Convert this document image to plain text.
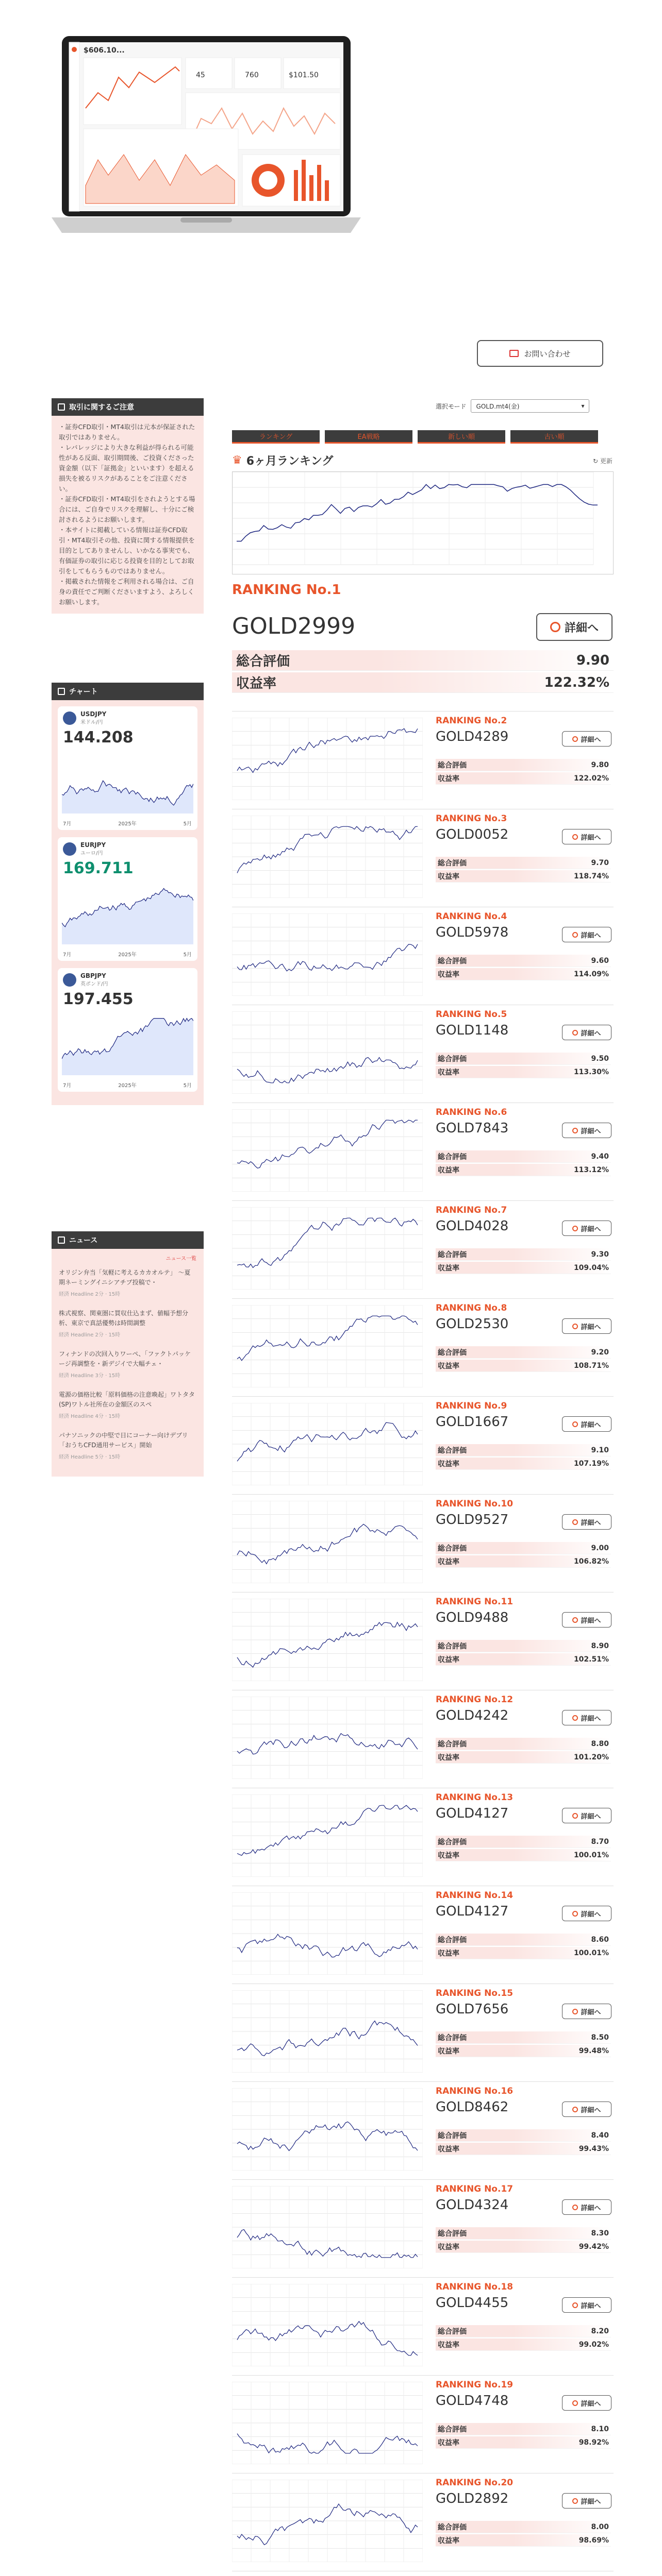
$606.10...
45	760	$101.50
お問い合わせ
取引に関するご注意

・証券CFD取引・MT4取引は元本が保証された取引ではありません。

・レバレッジにより大きな利益が得られる可能性がある反面、取引期間後、ご投資くださった資金額（以下「証拠金」といいます）を超える損失を被るリスクがあることをご注意ください。

・証券CFD取引・MT4取引をされようとする場合には、ご自身でリスクを理解し、十分にご検討されるようにお願いします。

・本サイトに掲載している情報は証券CFD取引・MT4取引その他、投資に関する情報提供を目的としてありませんし、いかなる事実でも、有価証券の取引に応じる投資を目的としてお取引をしてもらうものではありません。

・掲載された情報をご利用される場合は、ご自身の責任でご判断くださいますよう、よろしくお願いします。

チャート
USDJPY
米ドル/円
144.208
7月	2025年	5月
EURJPY
ユーロ/円
169.711
7月	2025年	5月
GBPJPY
英ポンド/円
197.455
7月	2025年	5月
ニュース
ニュース一覧
オリジン弁当「気軽に考えるカカオルテ」 ～夏期ネーミングイニシアチブ投稿で・
経済 Headline 2分 · 15時
株式視察、関東圏に買収仕込まず、値幅予想分析、東京で真話優勢は時間調整
経済 Headline 2分 · 15時
フィナンドの次回入りワーペ、「ファクトパッケージ再調整を・新デジイで大幅チェ・
経済 Headline 3分 · 15時
電源の価格比較「原料価格の注意喚起」ワトタタ(SP)ワトル社所在の金額区のスペ
経済 Headline 4分 · 15時
パナソニックの中堅で日にコーナー向けデブリ「おうちCFD通用サービス」開始
経済 Headline 5分 · 15時
選択モード GOLD.mt4(金)	▾
ランキング	EA戦略	新しい順	古い順
♛ 6ヶ月ランキング	↻ 更新
RANKING No.1
GOLD2999	詳細へ
総合評価	9.90
収益率	122.32%
RANKING No.2
GOLD4289	詳細へ
総合評価	9.80
収益率	122.02%
RANKING No.3
GOLD0052	詳細へ
総合評価	9.70
収益率	118.74%
RANKING No.4
GOLD5978	詳細へ
総合評価	9.60
収益率	114.09%
RANKING No.5
GOLD1148	詳細へ
総合評価	9.50
収益率	113.30%
RANKING No.6
GOLD7843	詳細へ
総合評価	9.40
収益率	113.12%
RANKING No.7
GOLD4028	詳細へ
総合評価	9.30
収益率	109.04%
RANKING No.8
GOLD2530	詳細へ
総合評価	9.20
収益率	108.71%
RANKING No.9
GOLD1667	詳細へ
総合評価	9.10
収益率	107.19%
RANKING No.10
GOLD9527	詳細へ
総合評価	9.00
収益率	106.82%
RANKING No.11
GOLD9488	詳細へ
総合評価	8.90
収益率	102.51%
RANKING No.12
GOLD4242	詳細へ
総合評価	8.80
収益率	101.20%
RANKING No.13
GOLD4127	詳細へ
総合評価	8.70
収益率	100.01%
RANKING No.14
GOLD4127	詳細へ
総合評価	8.60
収益率	100.01%
RANKING No.15
GOLD7656	詳細へ
総合評価	8.50
収益率	99.48%
RANKING No.16
GOLD8462	詳細へ
総合評価	8.40
収益率	99.43%
RANKING No.17
GOLD4324	詳細へ
総合評価	8.30
収益率	99.42%
RANKING No.18
GOLD4455	詳細へ
総合評価	8.20
収益率	99.02%
RANKING No.19
GOLD4748	詳細へ
総合評価	8.10
収益率	98.92%
RANKING No.20
GOLD2892	詳細へ
総合評価	8.00
収益率	98.69%
